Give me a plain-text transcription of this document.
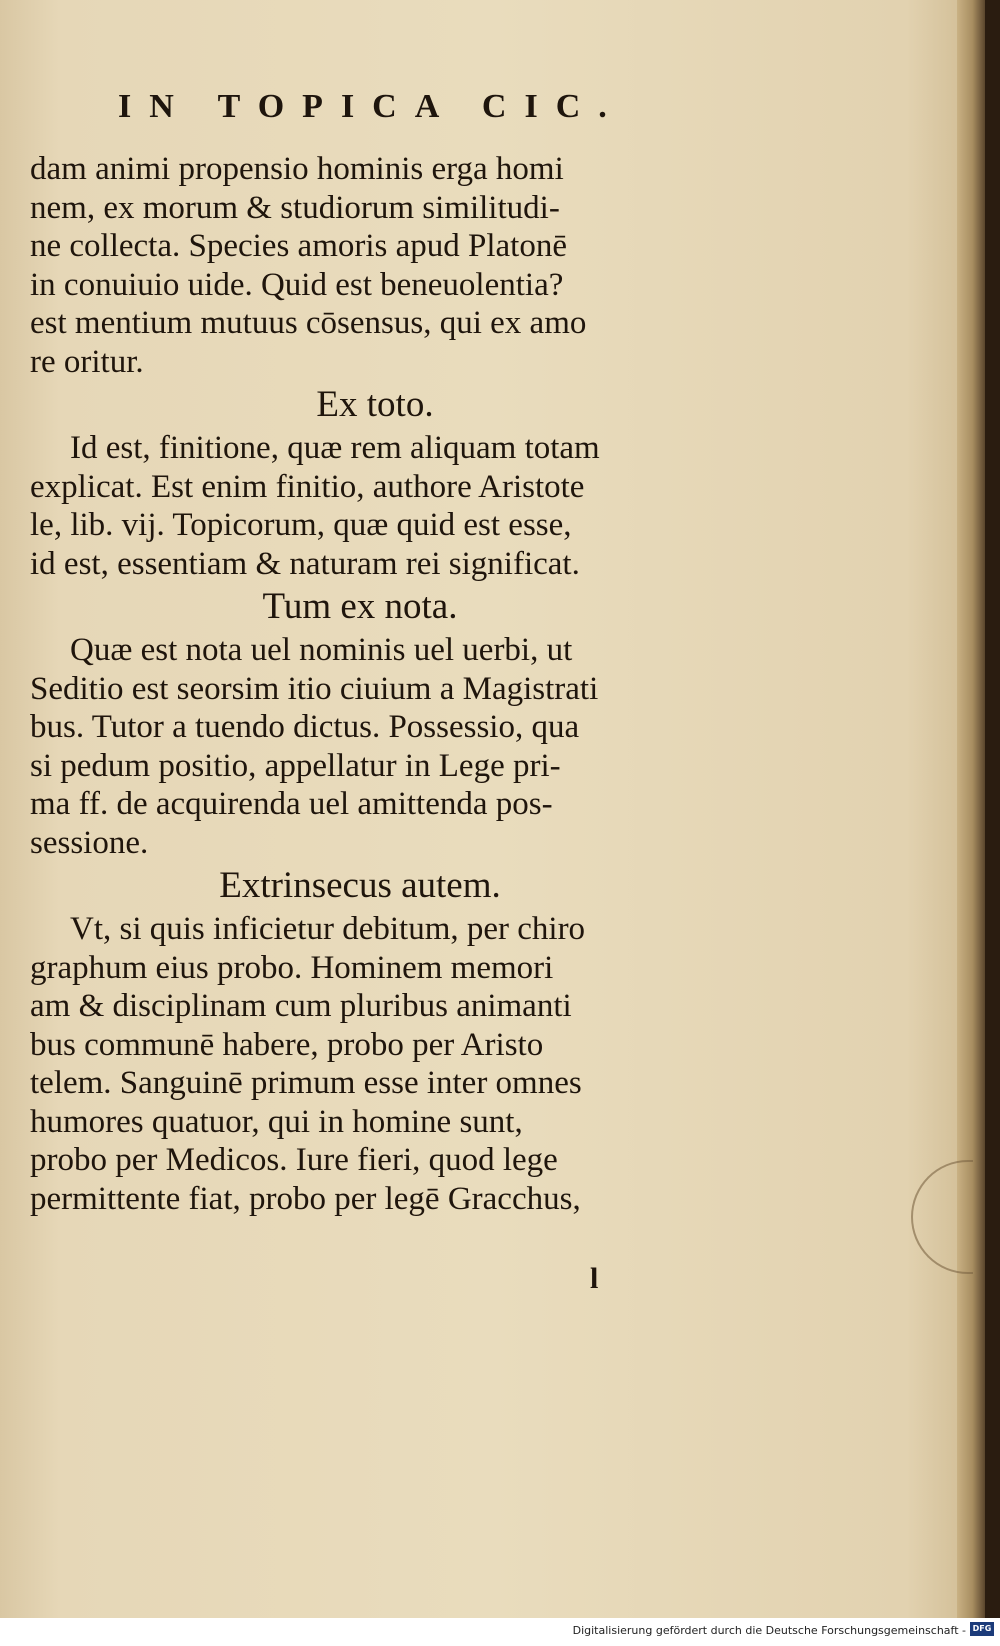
IN TOPICA CIC.
dam animi propensio hominis erga homi
nem, ex morum & studiorum similitudi-
ne collecta. Species amoris apud Platonē
in conuiuio uide. Quid est beneuolentia?
est mentium mutuus cōsensus, qui ex amo
re oritur.
Ex toto.
Id est, finitione, quæ rem aliquam totam
explicat. Est enim finitio, authore Aristote
le, lib. vij. Topicorum, quæ quid est esse,
id est, essentiam & naturam rei significat.
Tum ex nota.
Quæ est nota uel nominis uel uerbi, ut
Seditio est seorsim itio ciuium a Magistrati
bus. Tutor a tuendo dictus. Possessio, qua
si pedum positio, appellatur in Lege pri-
ma ff. de acquirenda uel amittenda pos-
sessione.
Extrinsecus autem.
Vt, si quis inficietur debitum, per chiro
graphum eius probo. Hominem memori
am & disciplinam cum pluribus animanti
bus communē habere, probo per Aristo
telem. Sanguinē primum esse inter omnes
humores quatuor, qui in homine sunt,
probo per Medicos. Iure fieri, quod lege
permittente fiat, probo per legē Gracchus,
l
Digitalisierung gefördert durch die Deutsche Forschungsgemeinschaft - DFG
